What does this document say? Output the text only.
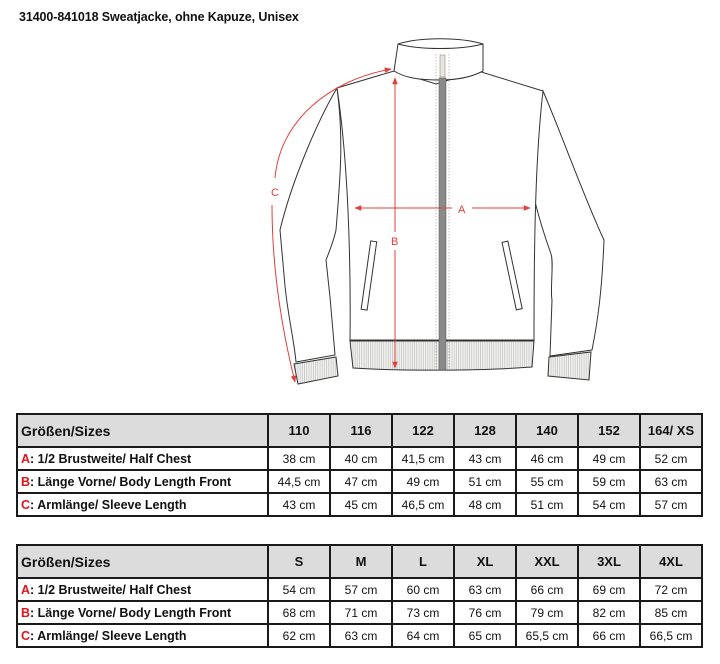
31400-841018 Sweatjacke, ohne Kapuze, Unisex
A
B
C
Größen/Sizes	110	116	122	128	140	152	164/ XS
A: 1/2 Brustweite/ Half Chest	38 cm	40 cm	41,5 cm	43 cm	46 cm	49 cm	52 cm
B: Länge Vorne/ Body Length Front	44,5 cm	47 cm	49 cm	51 cm	55 cm	59 cm	63 cm
C: Armlänge/ Sleeve Length	43 cm	45 cm	46,5 cm	48 cm	51 cm	54 cm	57 cm
Größen/Sizes	S	M	L	XL	XXL	3XL	4XL
A: 1/2 Brustweite/ Half Chest	54 cm	57 cm	60 cm	63 cm	66 cm	69 cm	72 cm
B: Länge Vorne/ Body Length Front	68 cm	71 cm	73 cm	76 cm	79 cm	82 cm	85 cm
C: Armlänge/ Sleeve Length	62 cm	63 cm	64 cm	65 cm	65,5 cm	66 cm	66,5 cm
